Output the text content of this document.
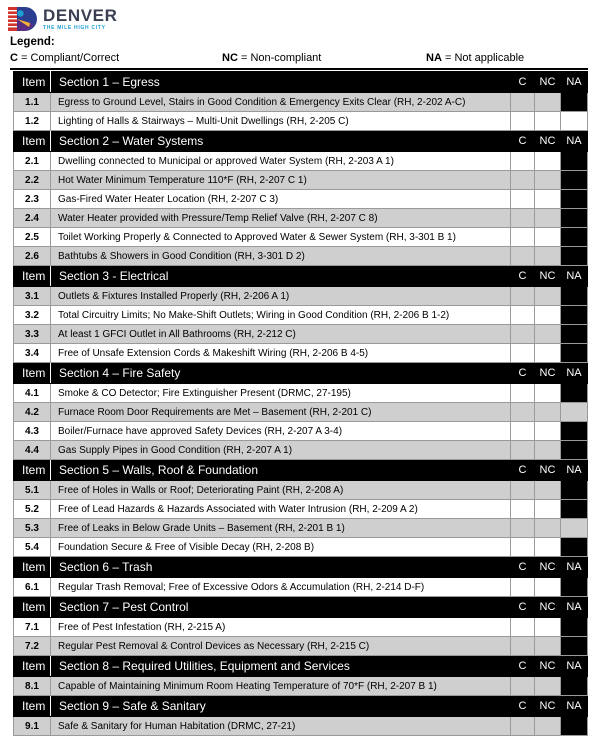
DENVER
THE MILE HIGH CITY
Legend:
C = Compliant/Correct	NC = Non-compliant	NA = Not applicable
Item	Section 1 – Egress	C	NC	NA
1.1	Egress to Ground Level, Stairs in Good Condition & Emergency Exits Clear (RH, 2-202 A-C)			
1.2	Lighting of Halls & Stairways – Multi-Unit Dwellings (RH, 2-205 C)			
Item	Section 2 – Water Systems	C	NC	NA
2.1	Dwelling connected to Municipal or approved Water System (RH, 2-203 A 1)			
2.2	Hot Water Minimum Temperature 110*F (RH, 2-207 C 1)			
2.3	Gas-Fired Water Heater Location (RH, 2-207 C 3)			
2.4	Water Heater provided with Pressure/Temp Relief Valve (RH, 2-207 C 8)			
2.5	Toilet Working Properly & Connected to Approved Water & Sewer System (RH, 3-301 B 1)			
2.6	Bathtubs & Showers in Good Condition (RH, 3-301 D 2)			
Item	Section 3 - Electrical	C	NC	NA
3.1	Outlets & Fixtures Installed Properly (RH, 2-206 A 1)			
3.2	Total Circuitry Limits; No Make-Shift Outlets; Wiring in Good Condition (RH, 2-206 B 1-2)			
3.3	At least 1 GFCI Outlet in All Bathrooms (RH, 2-212 C)			
3.4	Free of Unsafe Extension Cords & Makeshift Wiring (RH, 2-206 B 4-5)			
Item	Section 4 – Fire Safety	C	NC	NA
4.1	Smoke & CO Detector; Fire Extinguisher Present (DRMC, 27-195)			
4.2	Furnace Room Door Requirements are Met – Basement (RH, 2-201 C)			
4.3	Boiler/Furnace have approved Safety Devices (RH, 2-207 A 3-4)			
4.4	Gas Supply Pipes in Good Condition (RH, 2-207 A 1)			
Item	Section 5 – Walls, Roof & Foundation	C	NC	NA
5.1	Free of Holes in Walls or Roof; Deteriorating Paint (RH, 2-208 A)			
5.2	Free of Lead Hazards & Hazards Associated with Water Intrusion (RH, 2-209 A 2)			
5.3	Free of Leaks in Below Grade Units – Basement (RH, 2-201 B 1)			
5.4	Foundation Secure & Free of Visible Decay (RH, 2-208 B)			
Item	Section 6 – Trash	C	NC	NA
6.1	Regular Trash Removal; Free of Excessive Odors & Accumulation (RH, 2-214 D-F)			
Item	Section 7 – Pest Control	C	NC	NA
7.1	Free of Pest Infestation (RH, 2-215 A)			
7.2	Regular Pest Removal & Control Devices as Necessary (RH, 2-215 C)			
Item	Section 8 – Required Utilities, Equipment and Services	C	NC	NA
8.1	Capable of Maintaining Minimum Room Heating Temperature of 70*F (RH, 2-207 B 1)			
Item	Section 9 – Safe & Sanitary	C	NC	NA
9.1	Safe & Sanitary for Human Habitation (DRMC, 27-21)			
